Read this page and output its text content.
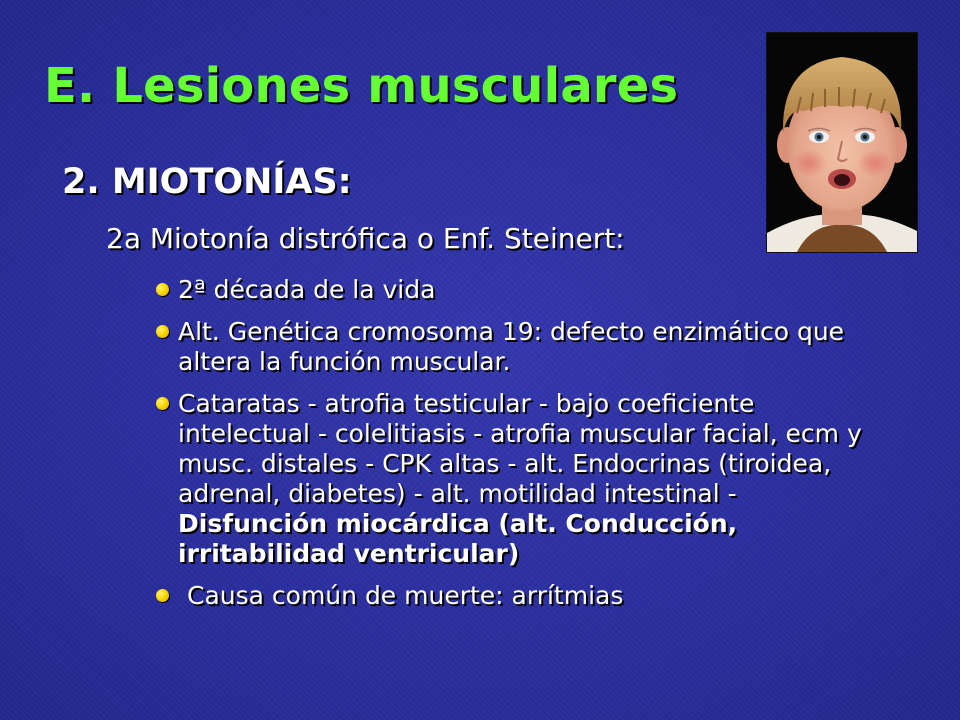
E. Lesiones musculares
2. MIOTONÍAS:
2a Miotonía distrófica o Enf. Steinert:
2ª década de la vida
Alt. Genética cromosoma 19: defecto enzimático que altera la función muscular.
Cataratas - atrofia testicular - bajo coeficiente intelectual - colelitiasis - atrofia muscular facial, ecm y musc. distales - CPK altas - alt. Endocrinas (tiroidea, adrenal, diabetes) - alt. motilidad intestinal - Disfunción miocárdica (alt. Conducción, irritabilidad ventricular)
Causa común de muerte: arrítmias
